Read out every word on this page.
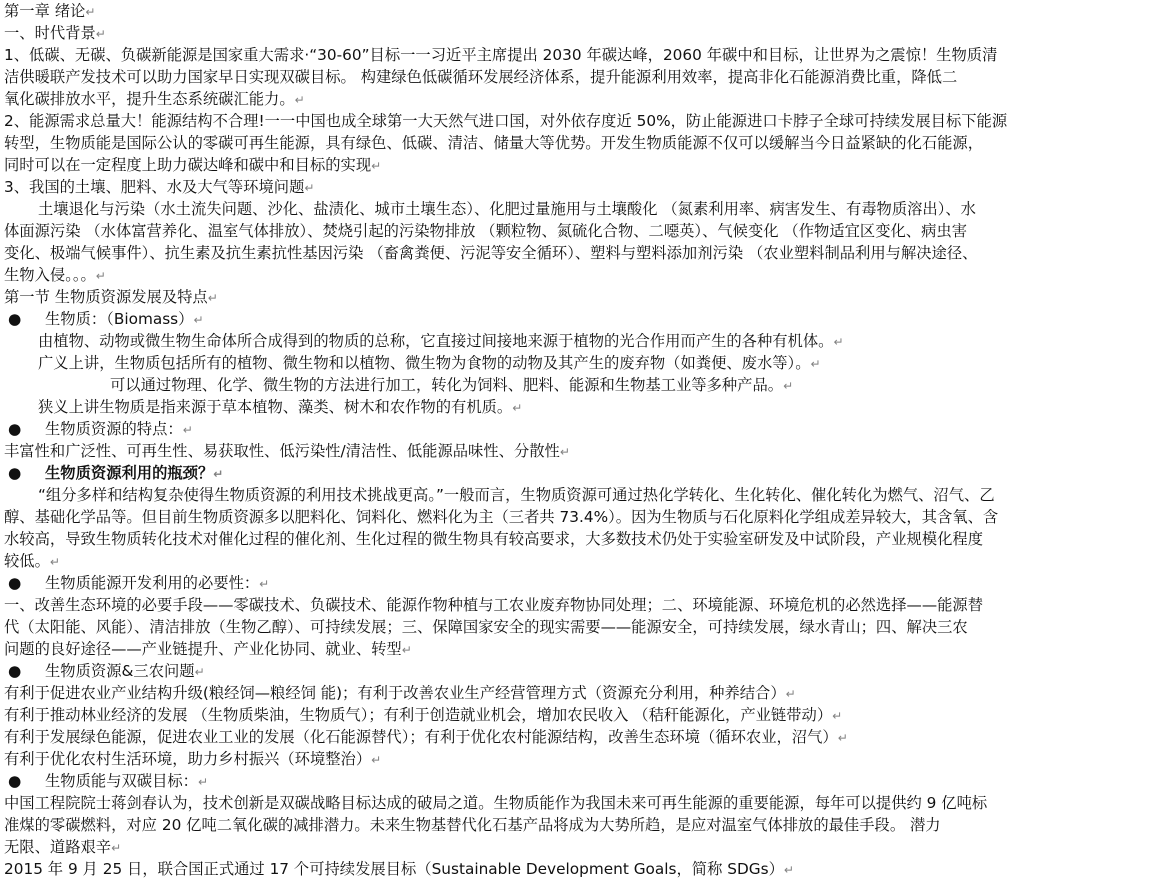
第一章 绪论↵

一、时代背景↵

1、低碳、无碳、负碳新能源是国家重大需求·“30-60”目标一一习近平主席提出 2030 年碳达峰，2060 年碳中和目标，让世界为之震惊！生物质清

洁供暖联产发技术可以助力国家早日实现双碳目标。 构建绿色低碳循环发展经济体系，提升能源利用效率，提高非化石能源消费比重，降低二

氧化碳排放水平，提升生态系统碳汇能力。↵

2、能源需求总量大！能源结构不合理!一一中国也成全球第一大天然气进口国，对外依存度近 50%，防止能源进口卡脖子全球可持续发展目标下能源

转型，生物质能是国际公认的零碳可再生能源，具有绿色、低碳、清洁、储量大等优势。开发生物质能源不仅可以缓解当今日益紧缺的化石能源，

同时可以在一定程度上助力碳达峰和碳中和目标的实现↵

3、我国的土壤、肥料、水及大气等环境问题↵

土壤退化与污染（水土流失问题、沙化、盐渍化、城市土壤生态）、化肥过量施用与土壤酸化 （氮素利用率、病害发生、有毒物质溶出）、水

体面源污染 （水体富营养化、温室气体排放）、焚烧引起的污染物排放 （颗粒物、氮硫化合物、二噁英）、气候变化 （作物适宜区变化、病虫害

变化、极端气候事件）、抗生素及抗生素抗性基因污染 （畜禽粪便、污泥等安全循环）、塑料与塑料添加剂污染 （农业塑料制品利用与解决途径、

生物入侵。。。↵

第一节 生物质资源发展及特点↵

● 生物质：（Biomass）↵

由植物、动物或微生物生命体所合成得到的物质的总称，它直接过间接地来源于植物的光合作用而产生的各种有机体。↵

广义上讲，生物质包括所有的植物、微生物和以植物、微生物为食物的动物及其产生的废弃物（如粪便、废水等）。↵

可以通过物理、化学、微生物的方法进行加工，转化为饲料、肥料、能源和生物基工业等多种产品。↵

狭义上讲生物质是指来源于草本植物、藻类、树木和农作物的有机质。↵

● 生物质资源的特点：↵

丰富性和广泛性、可再生性、易获取性、低污染性/清洁性、低能源品味性、分散性↵

● 生物质资源利用的瓶颈？↵

“组分多样和结构复杂使得生物质资源的利用技术挑战更高。”一般而言，生物质资源可通过热化学转化、生化转化、催化转化为燃气、沼气、乙

醇、基础化学品等。但目前生物质资源多以肥料化、饲料化、燃料化为主（三者共 73.4%）。因为生物质与石化原料化学组成差异较大，其含氧、含

水较高，导致生物质转化技术对催化过程的催化剂、生化过程的微生物具有较高要求，大多数技术仍处于实验室研发及中试阶段，产业规模化程度

较低。↵

● 生物质能源开发利用的必要性：↵

一、改善生态环境的必要手段——零碳技术、负碳技术、能源作物种植与工农业废弃物协同处理；二、环境能源、环境危机的必然选择——能源替

代（太阳能、风能）、清洁排放（生物乙醇）、可持续发展；三、保障国家安全的现实需要——能源安全，可持续发展，绿水青山；四、解决三农

问题的良好途径——产业链提升、产业化协同、就业、转型↵

● 生物质资源&三农问题↵

有利于促进农业产业结构升级(粮经饲—粮经饲 能)；有利于改善农业生产经营管理方式（资源充分利用，种养结合）↵

有利于推动林业经济的发展 （生物质柴油，生物质气）；有利于创造就业机会，增加农民收入 （秸秆能源化，产业链带动）↵

有利于发展绿色能源，促进农业工业的发展（化石能源替代）；有利于优化农村能源结构，改善生态环境（循环农业，沼气）↵

有利于优化农村生活环境，助力乡村振兴（环境整治）↵

● 生物质能与双碳目标：↵

中国工程院院士蒋剑春认为，技术创新是双碳战略目标达成的破局之道。生物质能作为我国未来可再生能源的重要能源，每年可以提供约 9 亿吨标

准煤的零碳燃料，对应 20 亿吨二氧化碳的减排潜力。未来生物基替代化石基产品将成为大势所趋，是应对温室气体排放的最佳手段。 潜力

无限、道路艰辛↵

2015 年 9 月 25 日，联合国正式通过 17 个可持续发展目标（Sustainable Development Goals，简称 SDGs）↵
